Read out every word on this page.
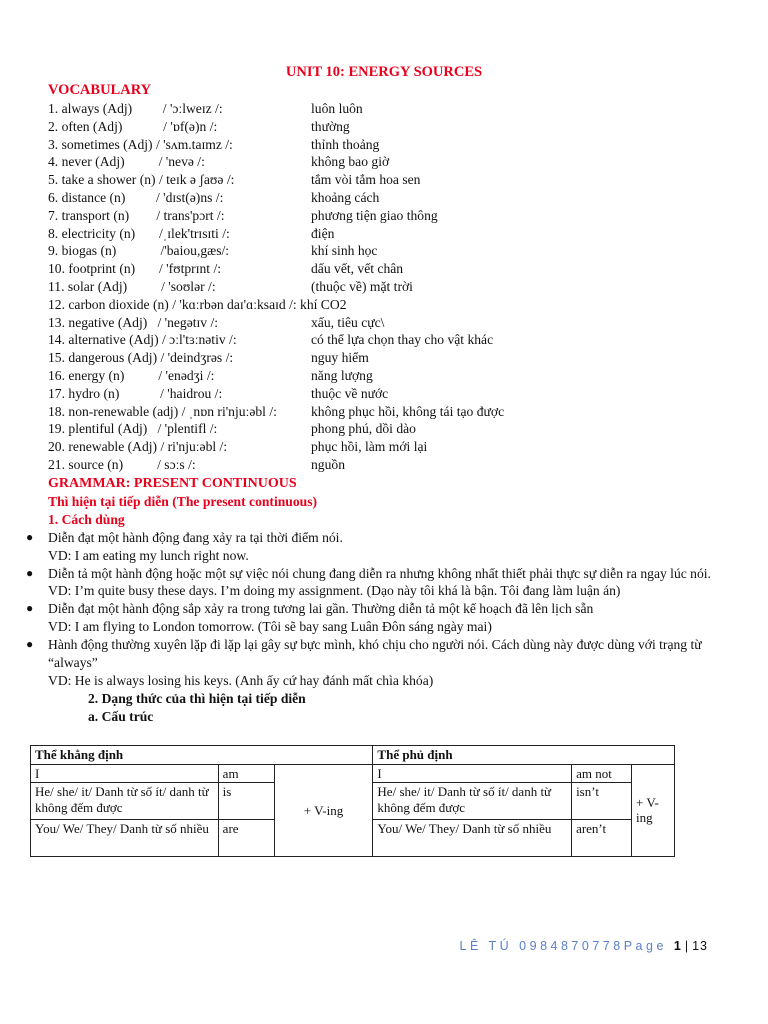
UNIT 10: ENERGY SOURCES
VOCABULARY
1. always (Adj)         / 'ɔːlweɪz /:	luôn luôn
2. often (Adj)            / 'ɒf(ə)n /:	thường
3. sometimes (Adj) / 'sʌm.taɪmz /:	thỉnh thoảng
4. never (Adj)          / 'nevə /:	không bao giờ
5. take a shower (n) / teɪk ə ʃaʊə /:	tắm vòi tắm hoa sen
6. distance (n)         / 'dɪst(ə)ns /:	khoảng cách
7. transport (n)        / trans'pɔrt /:	phương tiện giao thông
8. electricity (n)       /ˌɪlek'trɪsɪti /:	điện
9. biogas (n)             /'baiou,gæs/:	khí sinh học
10. footprint (n)       / 'fʊtprɪnt /:	dấu vết, vết chân
11. solar (Adj)          / 'soʊlər /:	(thuộc về) mặt trời
12. carbon dioxide (n) / 'kɑːrbən daɪ'ɑːksaɪd /: khí CO2
13. negative (Adj)   / 'negətɪv /:	xấu, tiêu cực\
14. alternative (Adj) / ɔːl'tɜːnətiv /:	có thể lựa chọn thay cho vật khác
15. dangerous (Adj) / 'deindʒrəs /:	nguy hiểm
16. energy (n)          / 'enədʒi /:	năng lượng
17. hydro (n)            / 'haidrou /:	thuộc về nước
18. non-renewable (adj) / ˌnɒn ri'njuːəbl /:	không phục hồi, không tái tạo được
19. plentiful (Adj)   / 'plentifl /:	phong phú, dồi dào
20. renewable (Adj) / ri'njuːəbl /:	phục hồi, làm mới lại
21. source (n)          / sɔːs /:	nguồn
GRAMMAR: PRESENT CONTINUOUS
Thì hiện tại tiếp diễn (The present continuous)
1. Cách dùng
● Diễn đạt một hành động đang xảy ra tại thời điểm nói.
VD: I am eating my lunch right now.
● Diễn tả một hành động hoặc một sự việc nói chung đang diễn ra nhưng không nhất thiết phải thực sự diễn ra ngay lúc nói.
VD: I’m quite busy these days. I’m doing my assignment. (Dạo này tôi khá là bận. Tôi đang làm luận án)
● Diễn đạt một hành động sắp xảy ra trong tương lai gần. Thường diễn tả một kế hoạch đã lên lịch sẵn
VD: I am flying to London tomorrow. (Tôi sẽ bay sang Luân Đôn sáng ngày mai)
● Hành động thường xuyên lặp đi lặp lại gây sự bực mình, khó chịu cho người nói. Cách dùng này được dùng với trạng từ “always”
VD: He is always losing his keys. (Anh ấy cứ hay đánh mất chìa khóa)
2. Dạng thức của thì hiện tại tiếp diễn
a. Cấu trúc
Thể khẳng định			Thể phủ định		
I	am	+ V-ing	I	am not	+ V-ing
He/ she/ it/ Danh từ số ít/ danh từ không đếm được	is		He/ she/ it/ Danh từ số ít/ danh từ không đếm được	isn’t	
You/ We/ They/ Danh từ số nhiều	are		You/ We/ They/ Danh từ số nhiều	aren’t	
LÊ TÚ 0984870778Page 1 | 13
